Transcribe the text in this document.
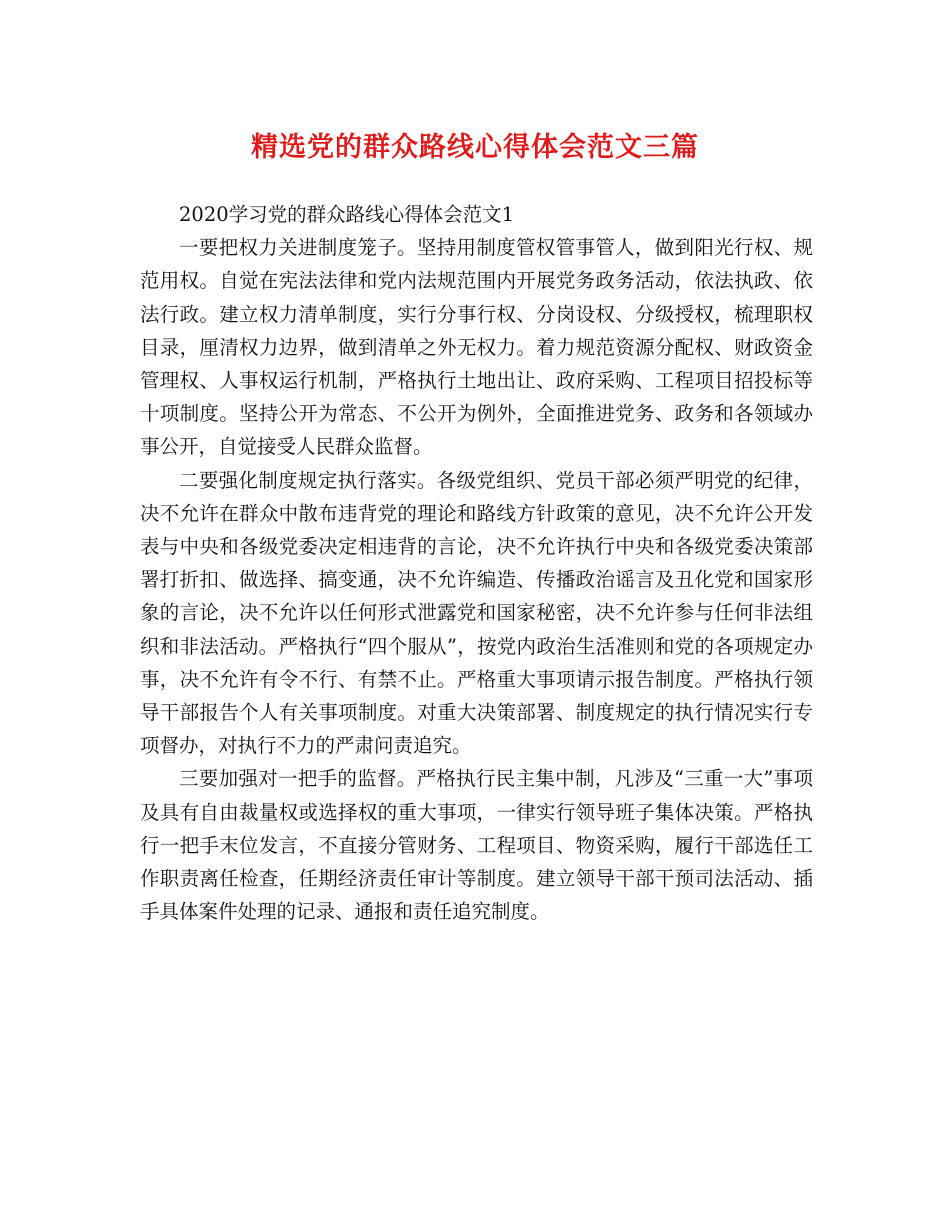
精选党的群众路线心得体会范文三篇

2020学习党的群众路线心得体会范文1

一要把权力关进制度笼子。坚持用制度管权管事管人，做到阳光行权、规范用权。自觉在宪法法律和党内法规范围内开展党务政务活动，依法执政、依法行政。建立权力清单制度，实行分事行权、分岗设权、分级授权，梳理职权目录，厘清权力边界，做到清单之外无权力。着力规范资源分配权、财政资金管理权、人事权运行机制，严格执行土地出让、政府采购、工程项目招投标等十项制度。坚持公开为常态、不公开为例外，全面推进党务、政务和各领域办事公开，自觉接受人民群众监督。

二要强化制度规定执行落实。各级党组织、党员干部必须严明党的纪律，决不允许在群众中散布违背党的理论和路线方针政策的意见，决不允许公开发表与中央和各级党委决定相违背的言论，决不允许执行中央和各级党委决策部署打折扣、做选择、搞变通，决不允许编造、传播政治谣言及丑化党和国家形象的言论，决不允许以任何形式泄露党和国家秘密，决不允许参与任何非法组织和非法活动。严格执行“四个服从”，按党内政治生活准则和党的各项规定办事，决不允许有令不行、有禁不止。严格重大事项请示报告制度。严格执行领导干部报告个人有关事项制度。对重大决策部署、制度规定的执行情况实行专项督办，对执行不力的严肃问责追究。

三要加强对一把手的监督。严格执行民主集中制，凡涉及“三重一大”事项及具有自由裁量权或选择权的重大事项，一律实行领导班子集体决策。严格执行一把手末位发言，不直接分管财务、工程项目、物资采购，履行干部选任工作职责离任检查，任期经济责任审计等制度。建立领导干部干预司法活动、插手具体案件处理的记录、通报和责任追究制度。
